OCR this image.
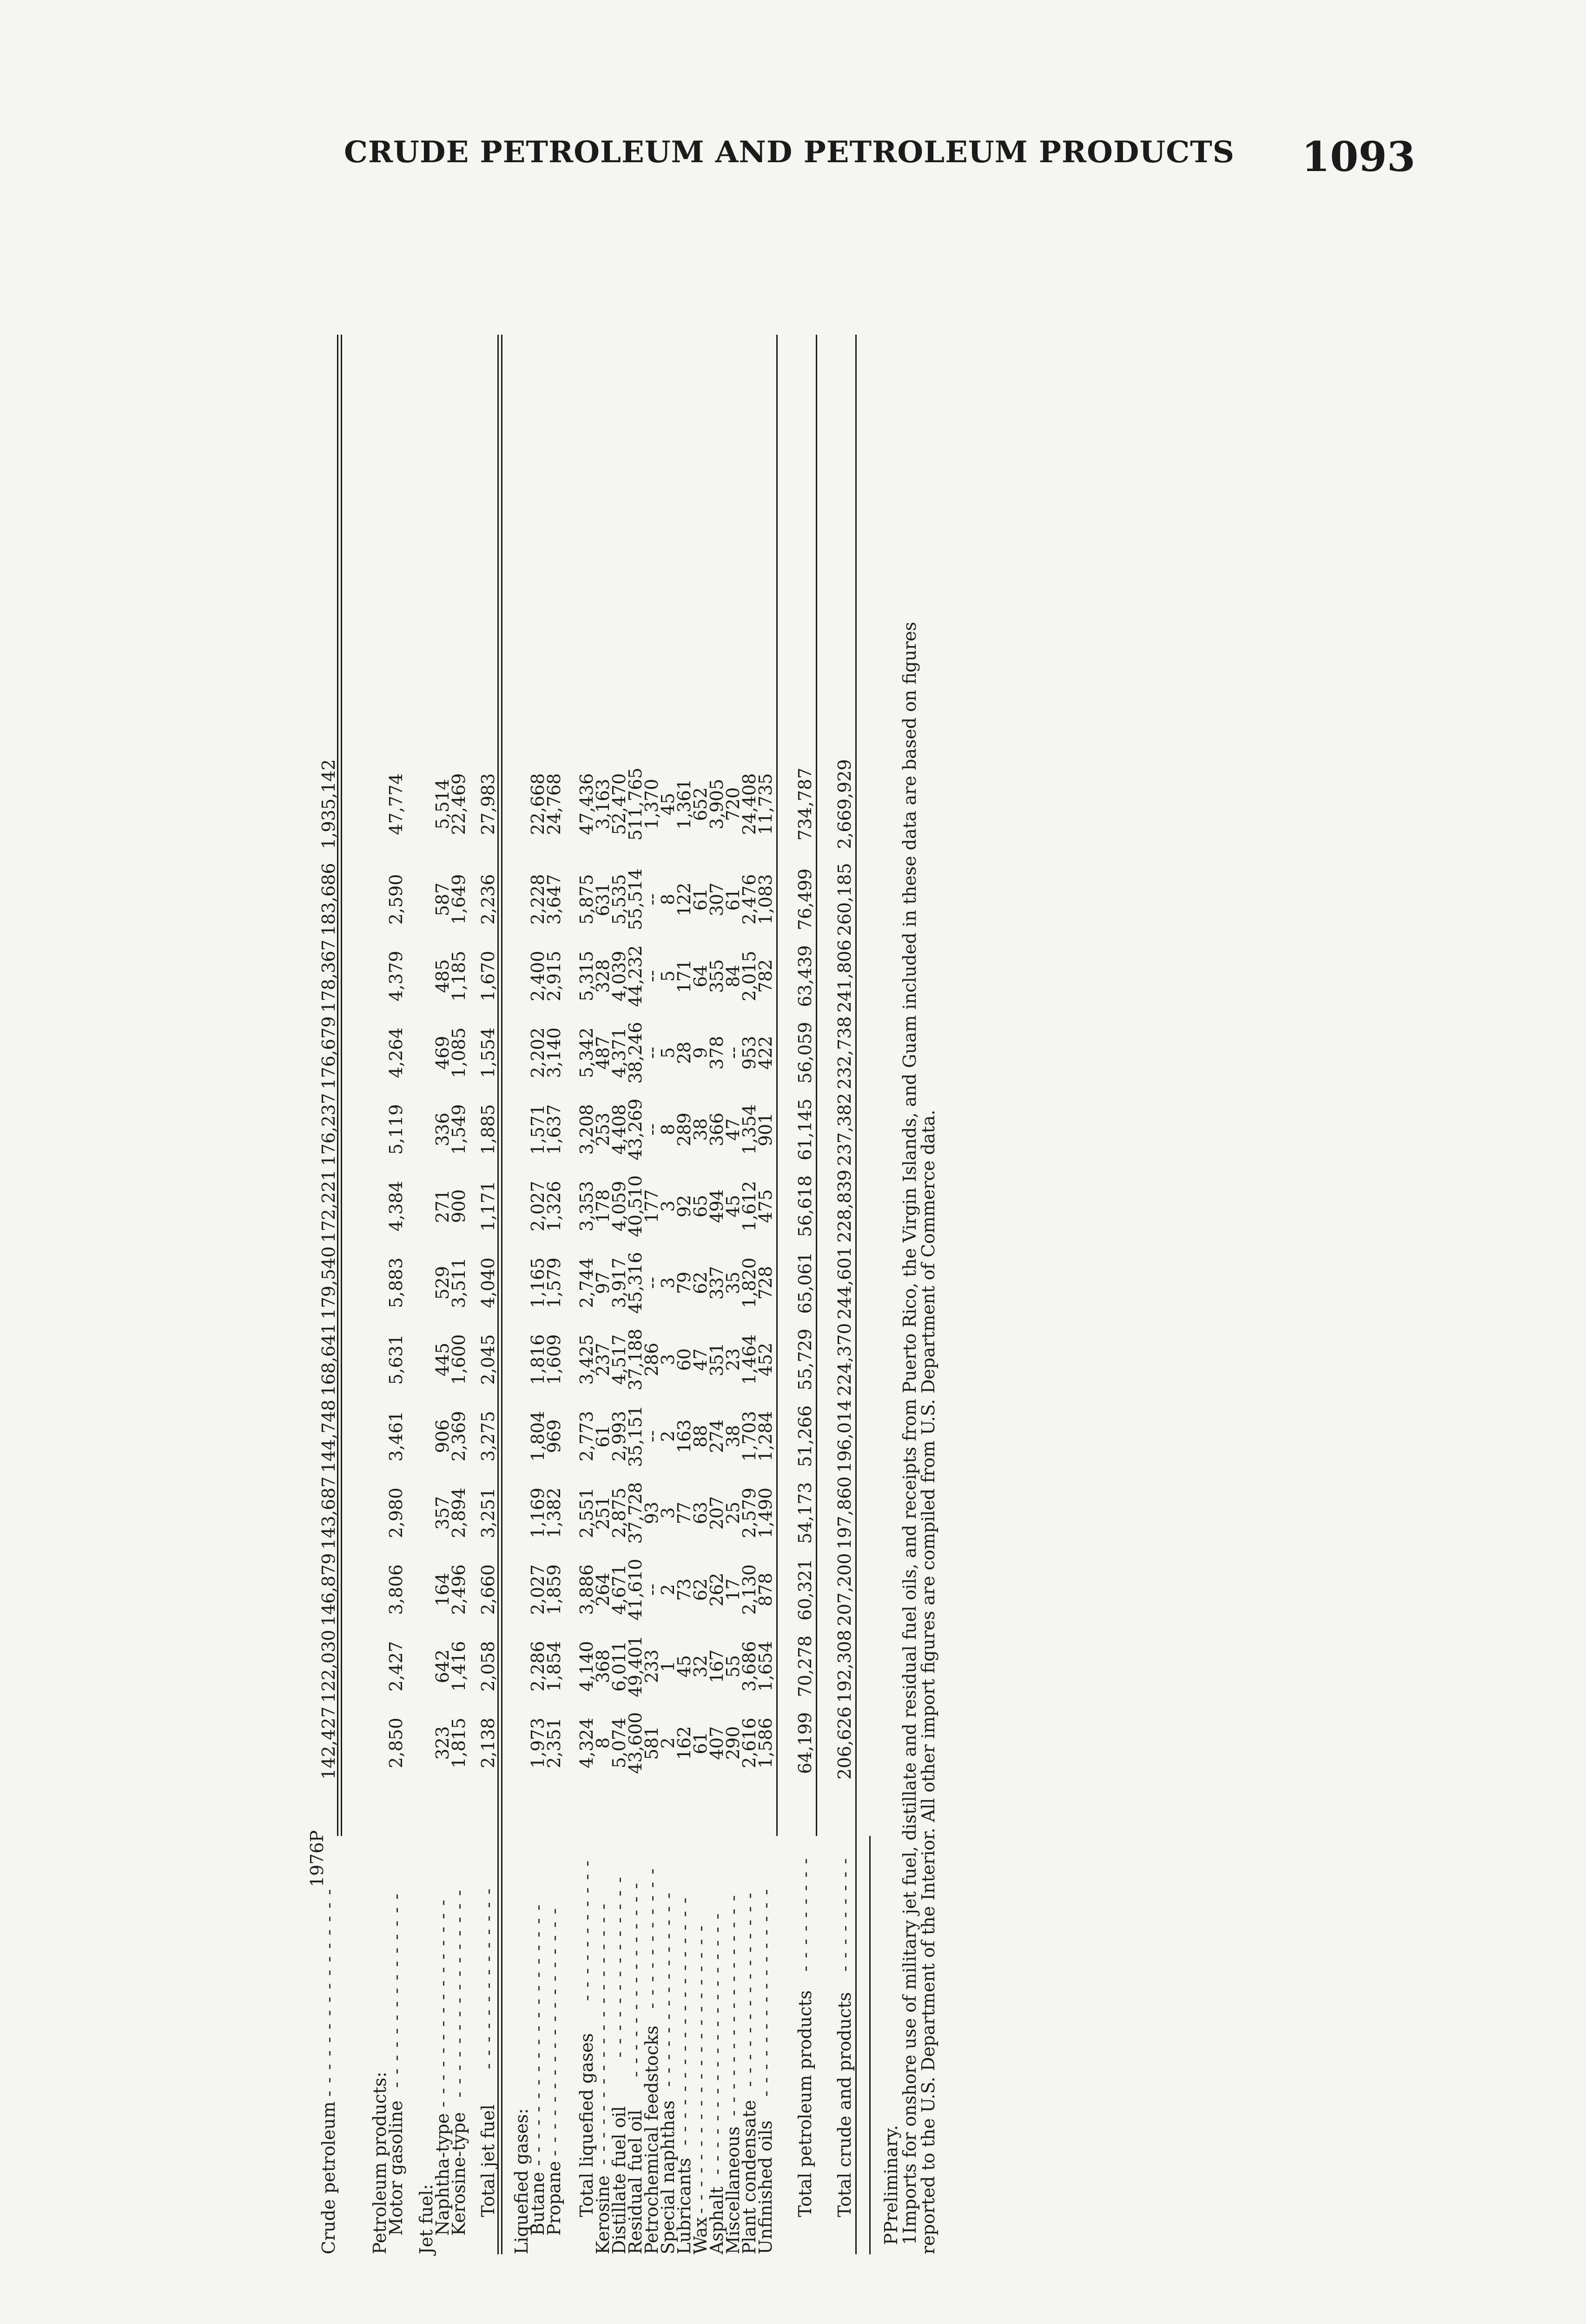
CRUDE PETROLEUM AND PETROLEUM PRODUCTS 1093
1976P
Crude petroleum
- - - - - - - - - - - - - - - -
142,427
122,030
146,879
143,687
144,748
168,641
179,540
172,221
176,237
176,679
178,367
183,686
1,935,142
Petroleum products:
Motor gasoline
- - - - - - - - - - - - - - -
2,850
2,427
3,806
2,980
3,461
5,631
5,883
4,384
5,119
4,264
4,379
2,590
47,774
Jet fuel:
Naphtha-type
- - - - - - - - - - - - - - - -
323
642
164
357
906
445
529
271
336
469
485
587
5,514
Kerosine-type
- - - - - - - - - - - - - - - -
1,815
1,416
2,496
2,894
2,369
1,600
3,511
900
1,549
1,085
1,185
1,649
22,469
Total jet fuel
- - - - - - - - - - - - - -
2,138
2,058
2,660
3,251
3,275
2,045
4,040
1,171
1,885
1,554
1,670
2,236
27,983
Liquefied gases:
Butane
- - - - - - - - - - - - - - - - - - - -
1,973
2,286
2,027
1,169
1,804
1,816
1,165
2,027
1,571
2,202
2,400
2,228
22,668
Propane
- - - - - - - - - - - - - - - - - - -
2,351
1,854
1,859
1,382
969
1,609
1,579
1,326
1,637
3,140
2,915
3,647
24,768
Total liquefied gases
- - - - - - - - - - -
4,324
4,140
3,886
2,551
2,773
3,425
2,744
3,353
3,208
5,342
5,315
5,875
47,436
Kerosine
- - - - - - - - - - - - - - - - - - - -
8
368
264
251
61
237
97
178
253
487
328
631
3,163
Distillate fuel oil
- - - - - - - - - - - - - -
5,074
6,011
4,671
2,875
2,993
4,517
3,917
4,059
4,408
4,371
4,039
5,535
52,470
Residual fuel oil
- - - - - - - - - - - - - - -
43,600
49,401
41,610
37,728
35,151
37,188
45,316
40,510
43,269
38,246
44,232
55,514
511,765
Petrochemical feedstocks
- - - - - - - - - - -
581
233
--
93
--
286
--
177
--
--
--
--
1,370
Special naphthas
- - - - - - - - - - - - - - -
2
1
2
3
2
3
3
3
8
5
5
8
45
Lubricants
- - - - - - - - - - - - - - - - - - -
162
45
73
77
163
60
79
92
289
28
171
122
1,361
Wax
- - - - - - - - - - - - - - - - - - - - - -
61
32
62
63
88
47
62
65
38
9
64
61
652
Asphalt
- - - - - - - - - - - - - - - - - - - -
407
167
262
207
274
351
337
494
366
378
355
307
3,905
Miscellaneous
- - - - - - - - - - - - - - - - -
290
55
17
25
38
23
35
45
47
--
84
61
720
Plant condensate
- - - - - - - - - - - - - - -
2,616
3,686
2,130
2,579
1,703
1,464
1,820
1,612
1,354
953
2,015
2,476
24,408
Unfinished oils
- - - - - - - - - - - - - - - -
1,586
1,654
878
1,490
1,284
452
728
475
901
422
782
1,083
11,735
Total petroleum products
- - - - - - - - -
64,199
70,278
60,321
54,173
51,266
55,729
65,061
56,618
61,145
56,059
63,439
76,499
734,787
Total crude and products
- - - - - - - - -
206,626
192,308
207,200
197,860
196,014
224,370
244,601
228,839
237,382
232,738
241,806
260,185
2,669,929
PPreliminary.
1Imports for onshore use of military jet fuel, distillate and residual fuel oils, and receipts from Puerto Rico, the Virgin Islands, and Guam included in these data are based on figures
reported to the U.S. Department of the Interior. All other import figures are compiled from U.S. Department of Commerce data.
